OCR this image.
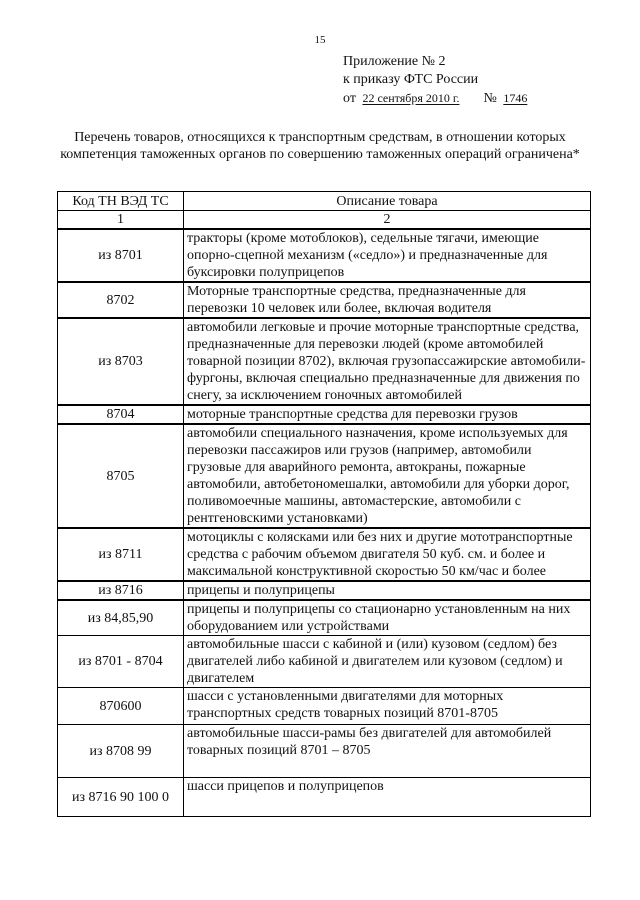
15
Приложение № 2
к приказу ФТС России
от 22 сентября 2010 г. № 1746
Перечень товаров, относящихся к транспортным средствам, в отношении которых компетенция таможенных органов по совершению таможенных операций ограничена*
Код ТН ВЭД ТС	Описание товара
1	2
из 8701	тракторы (кроме мотоблоков), седельные тягачи, имеющие опорно-сцепной механизм («седло») и предназначенные для буксировки полуприцепов
8702	Моторные транспортные средства, предназначенные для перевозки 10 человек или более, включая водителя
из 8703	автомобили легковые и прочие моторные транспортные средства, предназначенные для перевозки людей (кроме автомобилей товарной позиции 8702), включая грузопассажирские автомобили-фургоны, включая специально предназначенные для движения по снегу, за исключением гоночных автомобилей
8704	моторные транспортные средства для перевозки грузов
8705	автомобили специального назначения, кроме используемых для перевозки пассажиров или грузов (например, автомобили грузовые для аварийного ремонта, автокраны, пожарные автомобили, автобетономешалки, автомобили для уборки дорог, поливомоечные машины, автомастерские, автомобили с рентгеновскими установками)
из 8711	мотоциклы с колясками или без них и другие мототранспортные средства с рабочим объемом двигателя 50 куб. см. и более и максимальной конструктивной скоростью 50 км/час и более
из 8716	прицепы и полуприцепы
из 84,85,90	прицепы и полуприцепы со стационарно установленным на них оборудованием или устройствами
из 8701 - 8704	автомобильные шасси с кабиной и (или) кузовом (седлом) без двигателей либо кабиной и двигателем или кузовом (седлом) и двигателем
870600	шасси с установленными двигателями для моторных транспортных средств товарных позиций 8701-8705
из 8708 99	автомобильные шасси-рамы без двигателей для автомобилей товарных позиций 8701 – 8705
из 8716 90 100 0	шасси прицепов и полуприцепов
